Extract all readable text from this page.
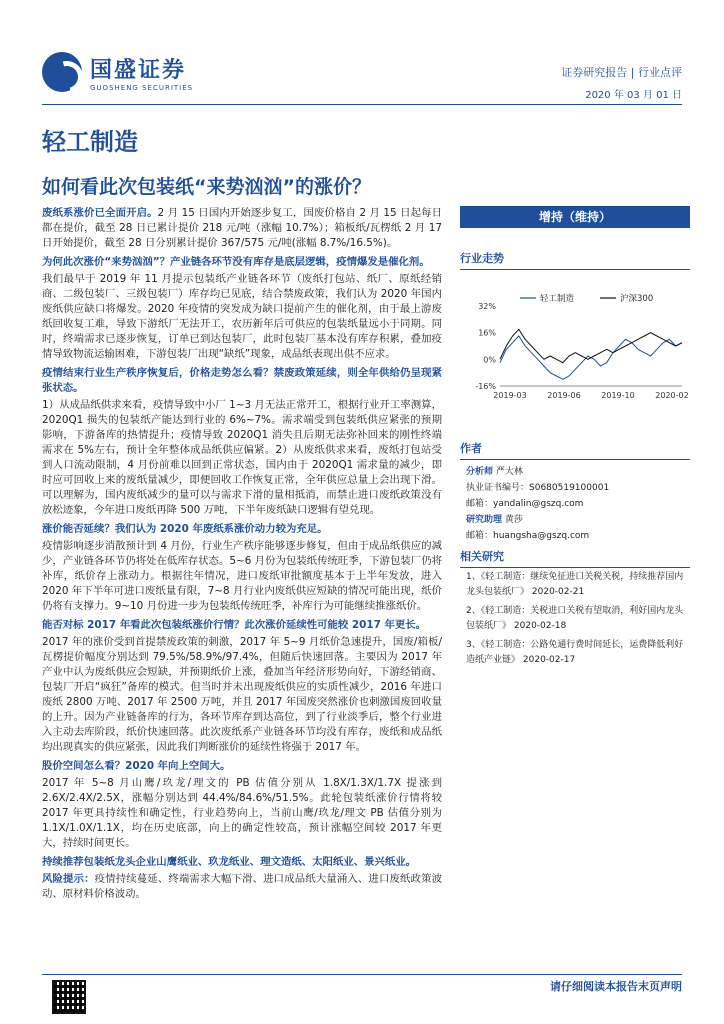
国盛证券
GUOSHENG SECURITIES
证券研究报告 | 行业点评
2020 年 03 月 01 日
轻工制造
如何看此次包装纸“来势汹汹”的涨价？

废纸系涨价已全面开启。2 月 15 日国内开始逐步复工，国废价格自 2 月 15 日起每日都在提价，截至 28 日已累计提价 218 元/吨（涨幅 10.7%）；箱板纸/瓦楞纸 2 月 17 日开始提价，截至 28 日分别累计提价 367/575 元/吨(涨幅 8.7%/16.5%)。

为何此次涨价“来势汹汹”？产业链各环节没有库存是底层逻辑，疫情爆发是催化剂。

我们最早于 2019 年 11 月提示包装纸产业链各环节（废纸打包站、纸厂、原纸经销商、二级包装厂、三级包装厂）库存均已见底，结合禁废政策，我们认为 2020 年国内废纸供应缺口将爆发。2020 年疫情的突发成为缺口提前产生的催化剂，由于最上游废纸回收复工难，导致下游纸厂无法开工，农历新年后可供应的包装纸量远小于同期。同时，终端需求已逐步恢复，订单已到达包装厂，此时包装厂基本没有库存积累，叠加疫情导致物流运输困难，下游包装厂出现“缺纸”现象，成品纸表现出供不应求。

疫情结束行业生产秩序恢复后，价格走势怎么看？禁废政策延续，则全年供给仍呈现紧张状态。

1）从成品纸供求来看，疫情导致中小厂 1~3 月无法正常开工，根据行业开工率测算，2020Q1 损失的包装纸产能达到行业的 6%~7%。需求端受到包装纸供应紧张的预期影响，下游备库的热情提升；疫情导致 2020Q1 消失且后期无法弥补回来的刚性终端需求在 5%左右，预计全年整体成品纸供应偏紧。2）从废纸供求来看，废纸打包站受到人口流动限制，4 月份前难以回到正常状态，国内由于 2020Q1 需求量的减少，即时应可回收上来的废纸量减少，即便回收工作恢复正常，全年供应总量上会出现下滑。可以理解为，国内废纸减少的量可以与需求下滑的量相抵消，而禁止进口废纸政策没有放松迹象，今年进口废纸再降 500 万吨，下半年废纸缺口逻辑有望兑现。

涨价能否延续？我们认为 2020 年废纸系涨价动力较为充足。

疫情影响逐步消散预计到 4 月份，行业生产秩序能够逐步修复，但由于成品纸供应的减少，产业链各环节仍将处在低库存状态。5~6 月份为包装纸传统旺季，下游包装厂仍将补库，纸价存上涨动力。根据往年情况，进口废纸审批额度基本于上半年发放，进入 2020 年下半年可进口废纸量有限，7~8 月行业内废纸供应短缺的情况可能出现，纸价仍将有支撑力。9~10 月份进一步为包装纸传统旺季，补库行为可能继续推涨纸价。

能否对标 2017 年看此次包装纸涨价行情？此次涨价延续性可能较 2017 年更长。

2017 年的涨价受到首提禁废政策的刺激，2017 年 5~9 月纸价急速提升，国废/箱板/瓦楞提价幅度分别达到 79.5%/58.9%/97.4%，但随后快速回落。主要因为 2017 年产业中认为废纸供应会短缺，并预期纸价上涨，叠加当年经济形势向好，下游经销商、包装厂开启“疯狂”备库的模式。但当时并未出现废纸供应的实质性减少，2016 年进口废纸 2800 万吨、2017 年 2500 万吨，并且 2017 年国废突然涨价也刺激国废回收量的上升。因为产业链备库的行为，各环节库存到达高位，到了行业淡季后，整个行业进入主动去库阶段，纸价快速回落。此次废纸系产业链各环节均没有库存，废纸和成品纸均出现真实的供应紧张，因此我们判断涨价的延续性将强于 2017 年。

股价空间怎么看？2020 年向上空间大。

2017 年 5~8 月山鹰/玖龙/理文的 PB 估值分别从 1.8X/1.3X/1.7X 提涨到 2.6X/2.4X/2.5X，涨幅分别达到 44.4%/84.6%/51.5%。此轮包装纸涨价行情将较 2017 年更具持续性和确定性，行业趋势向上，当前山鹰/玖龙/理文 PB 估值分别为 1.1X/1.0X/1.1X，均在历史底部，向上的确定性较高，预计涨幅空间较 2017 年更大，持续时间更长。

持续推荐包装纸龙头企业山鹰纸业、玖龙纸业、理文造纸、太阳纸业、景兴纸业。

风险提示：疫情持续蔓延、终端需求大幅下滑、进口成品纸大量涌入、进口废纸政策波动、原材料价格波动。

增持（维持）
行业走势
32%
16%
0%
-16%
2019-03	2019-06	2019-10	2020-02
轻工制造	沪深300
作者
分析师 严大林
执业证书编号：S0680519100001
邮箱：yandalin@gszq.com
研究助理 黄莎
邮箱：huangsha@gszq.com
相关研究
1、《轻工制造：继续免征进口关税关税，持续推荐国内龙头包装纸厂》 2020-02-21
2、《轻工制造：关税进口关税有望取消，利好国内龙头包装纸厂》 2020-02-18
3、《轻工制造：公路免通行费时间延长，运费降低利好造纸产业链》 2020-02-17
请仔细阅读本报告末页声明
